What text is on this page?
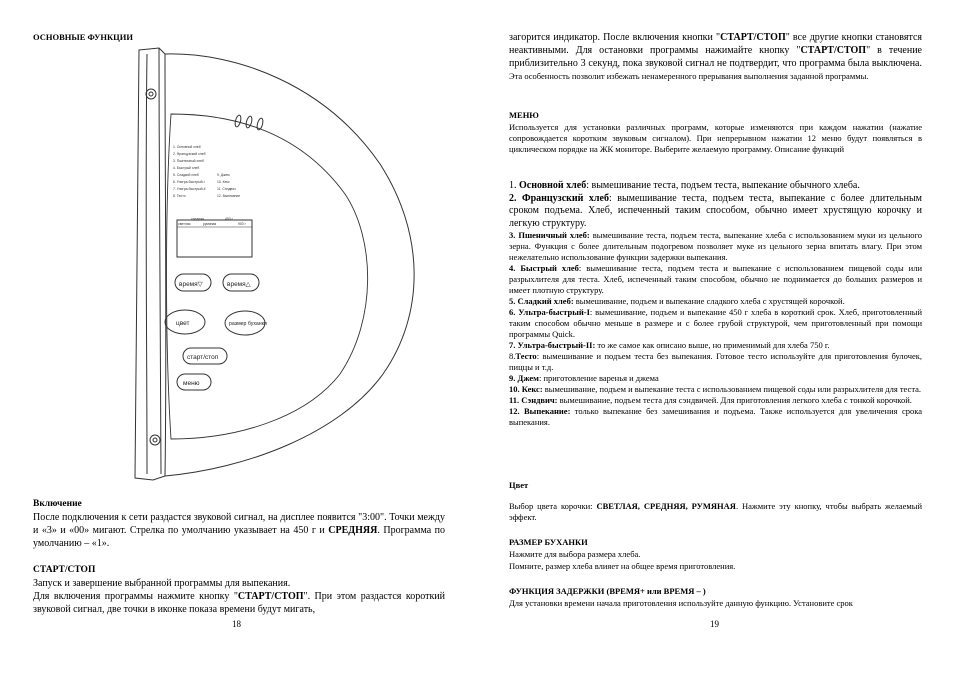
ОСНОВНЫЕ ФУНКЦИИ
1. Основной хлеб
2. Французский хлеб
3. Пшеничный хлеб
4. Быстрый хлеб
5. Сладкий хлеб
6. Ультра-быстрый-I
7. Ультра-быстрый-II
8. Тесто
9. Джем
10. Кекс
11. Сэндвич
12. Выпекание
светлая
средняя
румяная
450 г
900 г
время▽	время△
цвет	размер буханки
старт/стоп
меню
Включение
После подключения к сети раздастся звуковой сигнал, на дисплее появится "3:00". Точки между и «3» и «00» мигают. Стрелка по умолчанию указывает на 450 г и СРЕДНЯЯ. Программа по умолчанию – «1».
СТАРТ/СТОП
Запуск и завершение выбранной программы для выпекания.
Для включения программы нажмите кнопку "СТАРТ/СТОП". При этом раздастся короткий звуковой сигнал, две точки в иконке показа времени будут мигать,
18
загорится индикатор. После включения кнопки "СТАРТ/СТОП" все другие кнопки становятся неактивными. Для остановки программы нажимайте кнопку "СТАРТ/СТОП" в течение приблизительно 3 секунд, пока звуковой сигнал не подтвердит, что программа была выключена. Эта особенность позволит избежать ненамеренного прерывания выполнения заданной программы.
МЕНЮ
Используется для установки различных программ, которые изменяются при каждом нажатии (нажатие сопровождается коротким звуковым сигналом). При непрерывном нажатии 12 меню будут появляться в циклическом порядке на ЖК мониторе. Выберите желаемую программу. Описание функций
1. Основной хлеб: вымешивание теста, подъем теста, выпекание обычного хлеба.
2. Французский хлеб: вымешивание теста, подъем теста, выпекание с более длительным сроком подъема. Хлеб, испеченный таким способом, обычно имеет хрустящую корочку и легкую структуру.
3. Пшеничный хлеб: вымешивание теста, подъем теста, выпекание хлеба с использованием муки из цельного зерна. Функция с более длительным подогревом позволяет муке из цельного зерна впитать влагу. При этом нежелательно использование функции задержки выпекания.
4. Быстрый хлеб: вымешивание теста, подъем теста и выпекание с использованием пищевой соды или разрыхлителя для теста. Хлеб, испеченный таким способом, обычно не поднимается до больших размеров и имеет плотную структуру.
5. Сладкий хлеб: вымешивание, подъем и выпекание сладкого хлеба с хрустящей корочкой.
6. Ультра-быстрый-I: вымешивание, подъем и выпекание 450 г хлеба в короткий срок. Хлеб, приготовленный таким способом обычно меньше в размере и с более грубой структурой, чем приготовленный при помощи программы Quick.
7. Ультра-быстрый-II: то же самое как описано выше, но применимый для хлеба 750 г.
8.Тесто: вымешивание и подъем теста без выпекания. Готовое тесто используйте для приготовления булочек, пиццы и т.д.
9. Джем: приготовление варенья и джема
10. Кекс: вымешивание, подъем и выпекание теста с использованием пищевой соды или разрыхлителя для теста.
11. Сэндвич: вымешивание, подъем теста для сэндвичей. Для приготовления легкого хлеба с тонкой корочкой.
12. Выпекание: только выпекание без замешивания и подъема. Также используется для увеличения срока выпекания.
Цвет
Выбор цвета корочки: СВЕТЛАЯ, СРЕДНЯЯ, РУМЯНАЯ. Нажмите эту кнопку, чтобы выбрать желаемый эффект.
РАЗМЕР БУХАНКИ
Нажмите для выбора размера хлеба.
Помните, размер хлеба влияет на общее время приготовления.
ФУНКЦИЯ ЗАДЕРЖКИ (ВРЕМЯ+ или ВРЕМЯ – )
Для установки времени начала приготовления используйте данную функцию. Установите срок
19
